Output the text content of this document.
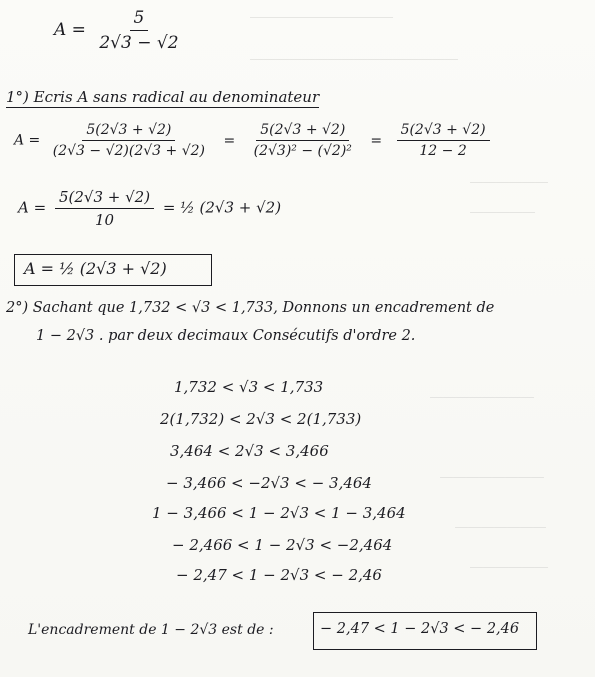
―――――――――――
――――――――――――――――
――――――
―――――
――――――――
――――――――
―――――――
――――――
$A = \frac{5}{2√3 - √2}$
1°) Ecris A sans radical au denominateur
$A = \frac{5(2√3 + √2)}{(2√3 - √2)(2√3 + √2)} = \frac{5(2√3 + √2)}{\text{(2√3)² − (√2)²}} = \frac{5(2√3 + √2)}{12 - 2}$
$A = \frac{5(2√3 + √2)}{10}$ = ½ (2√3 + √2)
A = ½ (2√3 + √2)
2°) Sachant que 1,732 < √3 < 1,733, Donnons un encadrement de
1 − 2√3 . par deux decimaux Consécutifs d'ordre 2.
1,732 < √3 < 1,733
2(1,732) < 2√3 < 2(1,733)
3,464 < 2√3 < 3,466
− 3,466 < −2√3 < − 3,464
1 − 3,466 < 1 − 2√3 < 1 − 3,464
− 2,466 < 1 − 2√3 < −2,464
− 2,47 < 1 − 2√3 < − 2,46
L'encadrement de 1 − 2√3 est de :	− 2,47 < 1 − 2√3 < − 2,46
